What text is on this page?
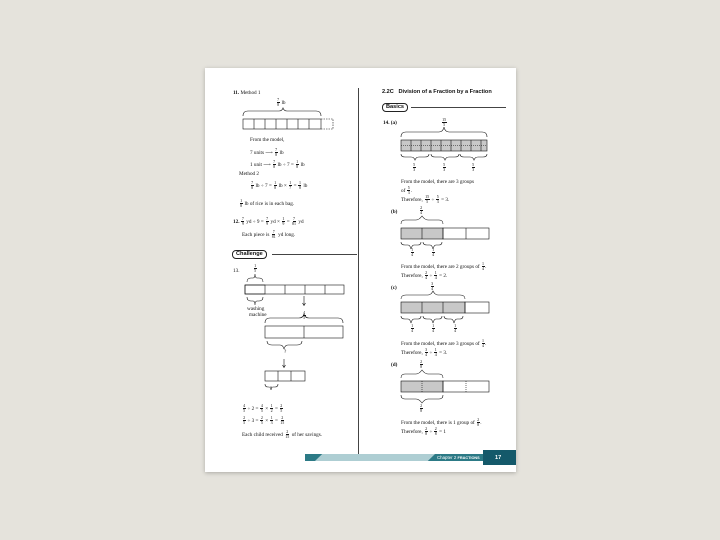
11. Method 1
$\frac{7}{8}$ lb
From the model,
7 units ⟶ $\frac{7}{8}$ lb
1 unit ⟶ $\frac{7}{8}$ lb ÷ $7 = \frac{1}{8}$ lb
Method 2
$\frac{7}{8}$ lb ÷ $7 = \frac{1}{8}$ lb × $\frac{1}{7} = \frac{1}{8}$ lb
$\frac{1}{8}$ lb of rice is in each bag.
12. $\frac{7}{9}$ yd ÷ $9 = \frac{7}{9}$ yd × $\frac{1}{9} = \frac{7}{81}$ yd
Each piece is $\frac{7}{81}$ yd long.
Challenge
13.	$\frac{1}{5}$
washing
machine	$\frac{4}{5}$
?
?
$\frac{4}{5} \div 2 = \frac{4}{5} \times \frac{1}{2} = \frac{2}{5}$
$\frac{2}{5} \div 3 = \frac{2}{5} \times \frac{1}{3} = \frac{2}{15}$
Each child received $\frac{2}{15}$ of her savings.
2.2C Division of a Fraction by a Fraction
Basics
14. (a)	$\frac{15}{5}$
$\frac{5}{3}$	$\frac{5}{3}$	$\frac{5}{3}$
From the model, there are 3 groups
of $\frac{5}{3}$ .
Therefore, $\frac{15}{5} \div \frac{5}{3} = 3$.
(b)	$\frac{2}{4}$
$\frac{1}{4}$	$\frac{1}{4}$
From the model, there are 2 groups of $\frac{1}{4}$ .
Therefore, $\frac{2}{4} \div \frac{1}{4} = 2$.
(c)	$\frac{3}{4}$
$\frac{1}{4}$	$\frac{1}{4}$	$\frac{1}{4}$
From the model, there are 3 groups of $\frac{1}{4}$ .
Therefore, $\frac{3}{4} \div \frac{1}{4} = 3$.
(d)	$\frac{2}{8}$
$\frac{2}{8}$
From the model, there is 1 group of $\frac{2}{8}$ .
Therefore, $\frac{2}{8} \div \frac{2}{8} = 1$
Chapter 2 FRACTIONS	17
